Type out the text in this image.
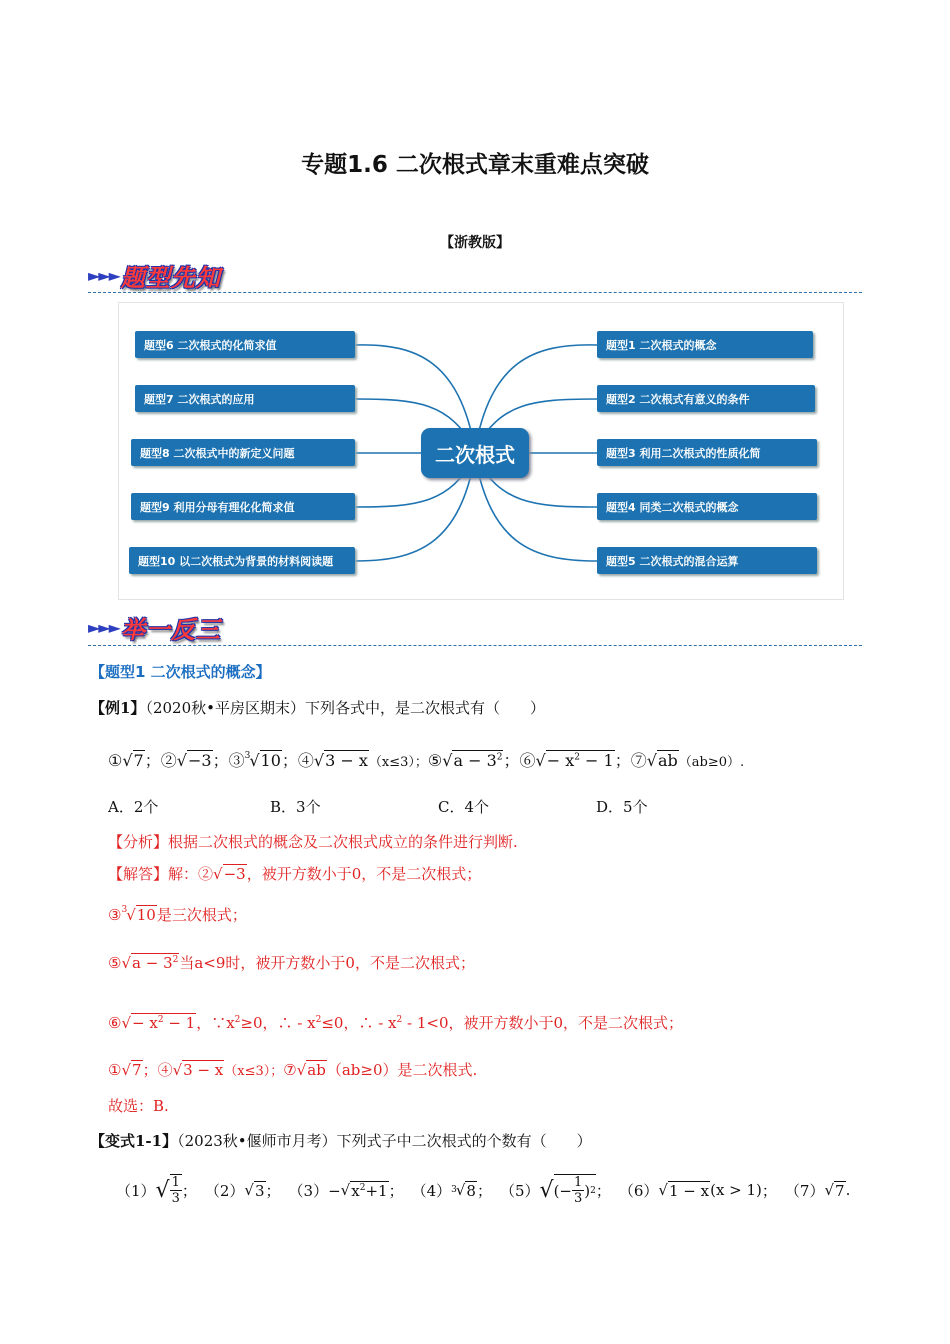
专题1.6 二次根式章末重难点突破
【浙教版】
►►► 题型先知
题型6 二次根式的化简求值
题型7 二次根式的应用
题型8 二次根式中的新定义问题
题型9 利用分母有理化化简求值
题型10 以二次根式为背景的材料阅读题
题型1 二次根式的概念
题型2 二次根式有意义的条件
题型3 利用二次根式的性质化简
题型4 同类二次根式的概念
题型5 二次根式的混合运算
二次根式
►►► 举一反三
【题型1 二次根式的概念】
【例1】（2020秋•平房区期末）下列各式中，是二次根式有（　　）
①√7；②√−3；③$^3$√10；④√3 − x（x≤3）；⑤√a − $3^2$；⑥√− $x^2 - 1$；⑦√ab（ab≥0）.
A．2个	B．3个	C．4个	D．5个
【分析】根据二次根式的概念及二次根式成立的条件进行判断.
【解答】解：②√−3，被开方数小于0，不是二次根式；
③$^3$√10是三次根式；
⑤√a − $3^2$当a<9时，被开方数小于0，不是二次根式；
⑥√− $x^2 - 1$，$\because x^2\ge 0$，∴ - $x^2\le 0$，∴ - $x^2 - 1<0$，被开方数小于0，不是二次根式；
①√7；④√3 − x（x≤3）；⑦√ab（ab≥0）是二次根式.
故选：B.
【变式1-1】（2023秋•偃师市月考）下列式子中二次根式的个数有（　　）
（1） √ $\frac{1}{3}$ ； （2） √ 3 ； （3）− √ $x^2+1$ ； （4） 3 √ 8 ； （5） √ (− $\frac{1}{3}$ ) 2 ； （6） √ 1 − x (x > 1) ； （7） √ 7 .
